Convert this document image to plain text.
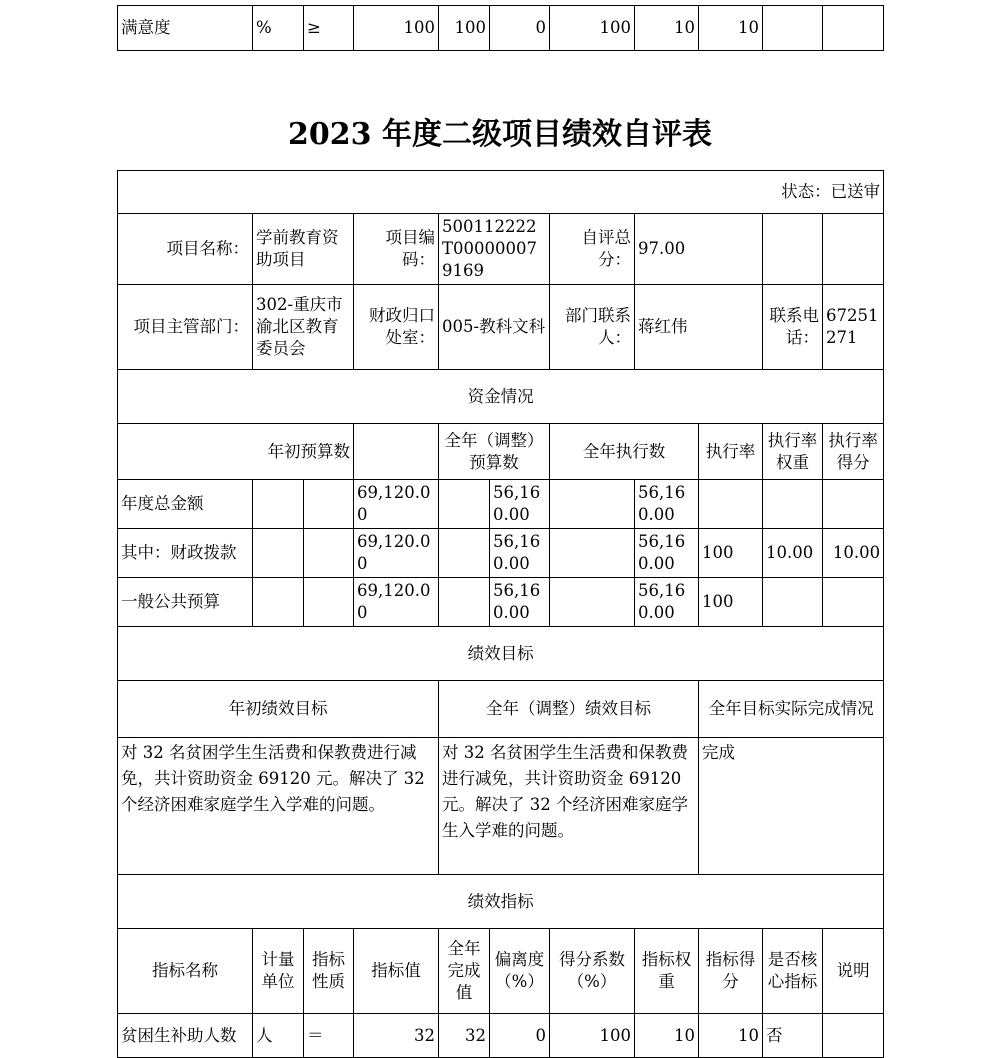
满意度	%	≥	100	100	0	100	10	10		
2023 年度二级项目绩效自评表
状态：已送审										
项目名称：	学前教育资助项目		项目编码：	500112222T000000079169		自评总分：	97.00			
项目主管部门：	302-重庆市渝北区教育委员会		财政归口处室：	005-教科文科		部门联系人：	蒋红伟		联系电话：	67251271
资金情况										
年初预算数				全年（调整）预算数		全年执行数		执行率	执行率权重	执行率得分
年度总金额			69,120.00		56,160.00		56,160.00			
其中：财政拨款			69,120.00		56,160.00		56,160.00	100	10.00	10.00
一般公共预算			69,120.00		56,160.00		56,160.00	100		
绩效目标										
年初绩效目标				全年（调整）绩效目标				全年目标实际完成情况		
对 32 名贫困学生生活费和保教费进行减免，共计资助资金 69120 元。解决了 32 个经济困难家庭学生入学难的问题。				对 32 名贫困学生生活费和保教费进行减免，共计资助资金 69120 元。解决了 32 个经济困难家庭学生入学难的问题。				完成		
绩效指标										
指标名称	计量单位	指标性质	指标值	全年完成值	偏离度（%）	得分系数（%）	指标权重	指标得分	是否核心指标	说明
贫困生补助人数	人	＝	32	32	0	100	10	10	否	
